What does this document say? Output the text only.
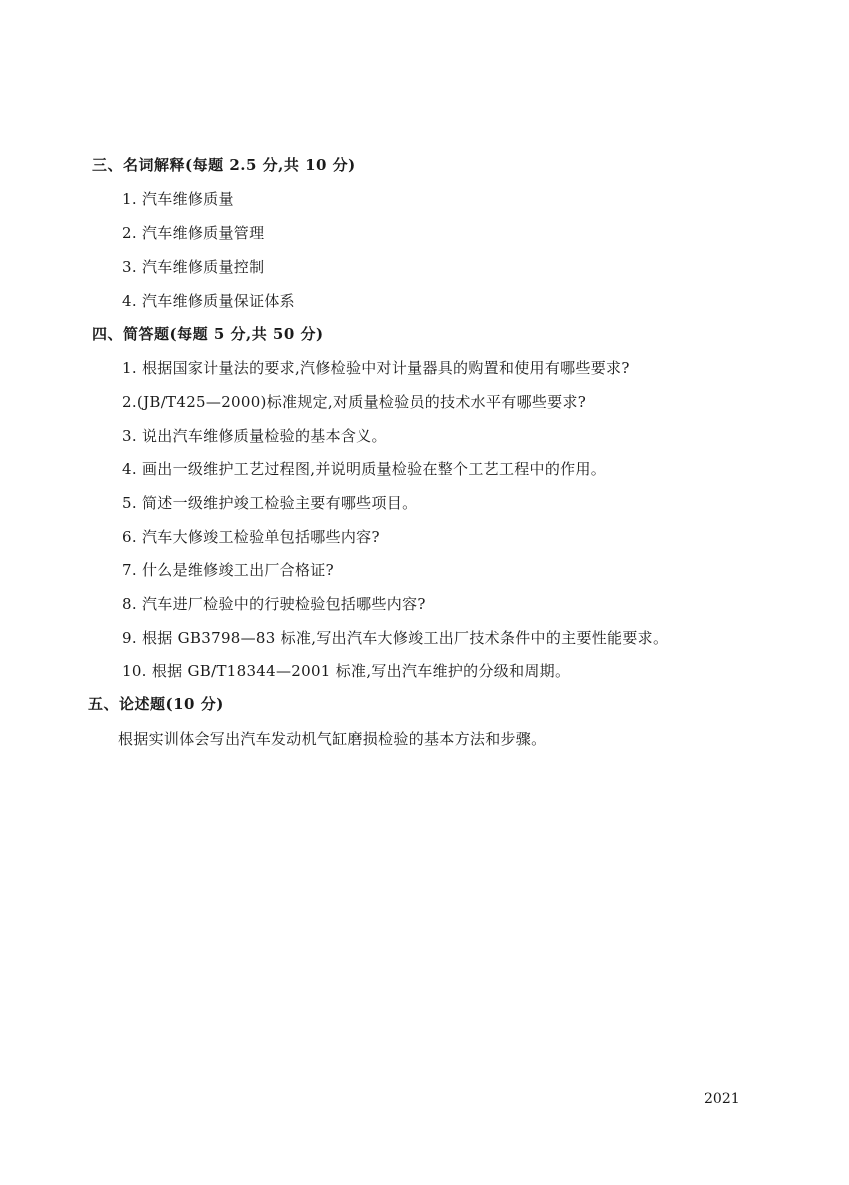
三、名词解释(每题 2.5 分,共 10 分)
1. 汽车维修质量
2. 汽车维修质量管理
3. 汽车维修质量控制
4. 汽车维修质量保证体系
四、简答题(每题 5 分,共 50 分)
1. 根据国家计量法的要求,汽修检验中对计量器具的购置和使用有哪些要求?
2.(JB/T425—2000)标准规定,对质量检验员的技术水平有哪些要求?
3. 说出汽车维修质量检验的基本含义。
4. 画出一级维护工艺过程图,并说明质量检验在整个工艺工程中的作用。
5. 简述一级维护竣工检验主要有哪些项目。
6. 汽车大修竣工检验单包括哪些内容?
7. 什么是维修竣工出厂合格证?
8. 汽车进厂检验中的行驶检验包括哪些内容?
9. 根据 GB3798—83 标准,写出汽车大修竣工出厂技术条件中的主要性能要求。
10. 根据 GB/T18344—2001 标准,写出汽车维护的分级和周期。
五、论述题(10 分)
根据实训体会写出汽车发动机气缸磨损检验的基本方法和步骤。
2021
